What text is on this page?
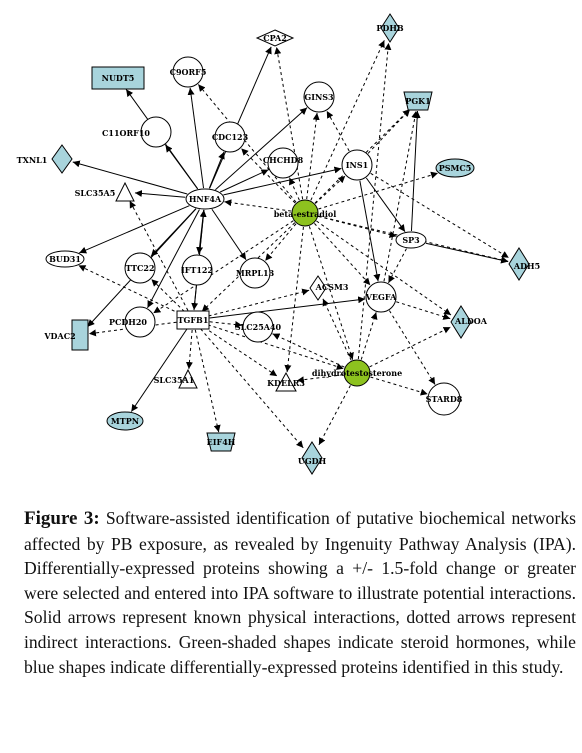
CPA2
PDHB
NUDT5
C9ORF5
GINS3	PGK1
C11ORF10	CDC123
TXNL1	CHCHD8	INS1	PSMC5
SLC35A5
HNF4A
beta-estradiol
SP3
BUD31
TTC22	IFT122	MRPL13
ADH5
ACSM3
VEGFA
PCDH20	TGFB1
VDAC2
ALDOA
SLC25A40
dihydrotestosterone
SLC35A1	KDELR3
STARD8
MTPN
EIF4H
UGDH
Figure 3: Software-assisted identification of putative biochemical networks affected by PB exposure, as revealed by Ingenuity Pathway Analysis (IPA). Differentially-expressed proteins showing a +/- 1.5-fold change or greater were selected and entered into IPA software to illustrate potential interactions. Solid arrows represent known physical interactions, dotted arrows represent indirect interactions. Green-shaded shapes indicate steroid hormones, while blue shapes indicate differentially-expressed proteins identified in this study.
